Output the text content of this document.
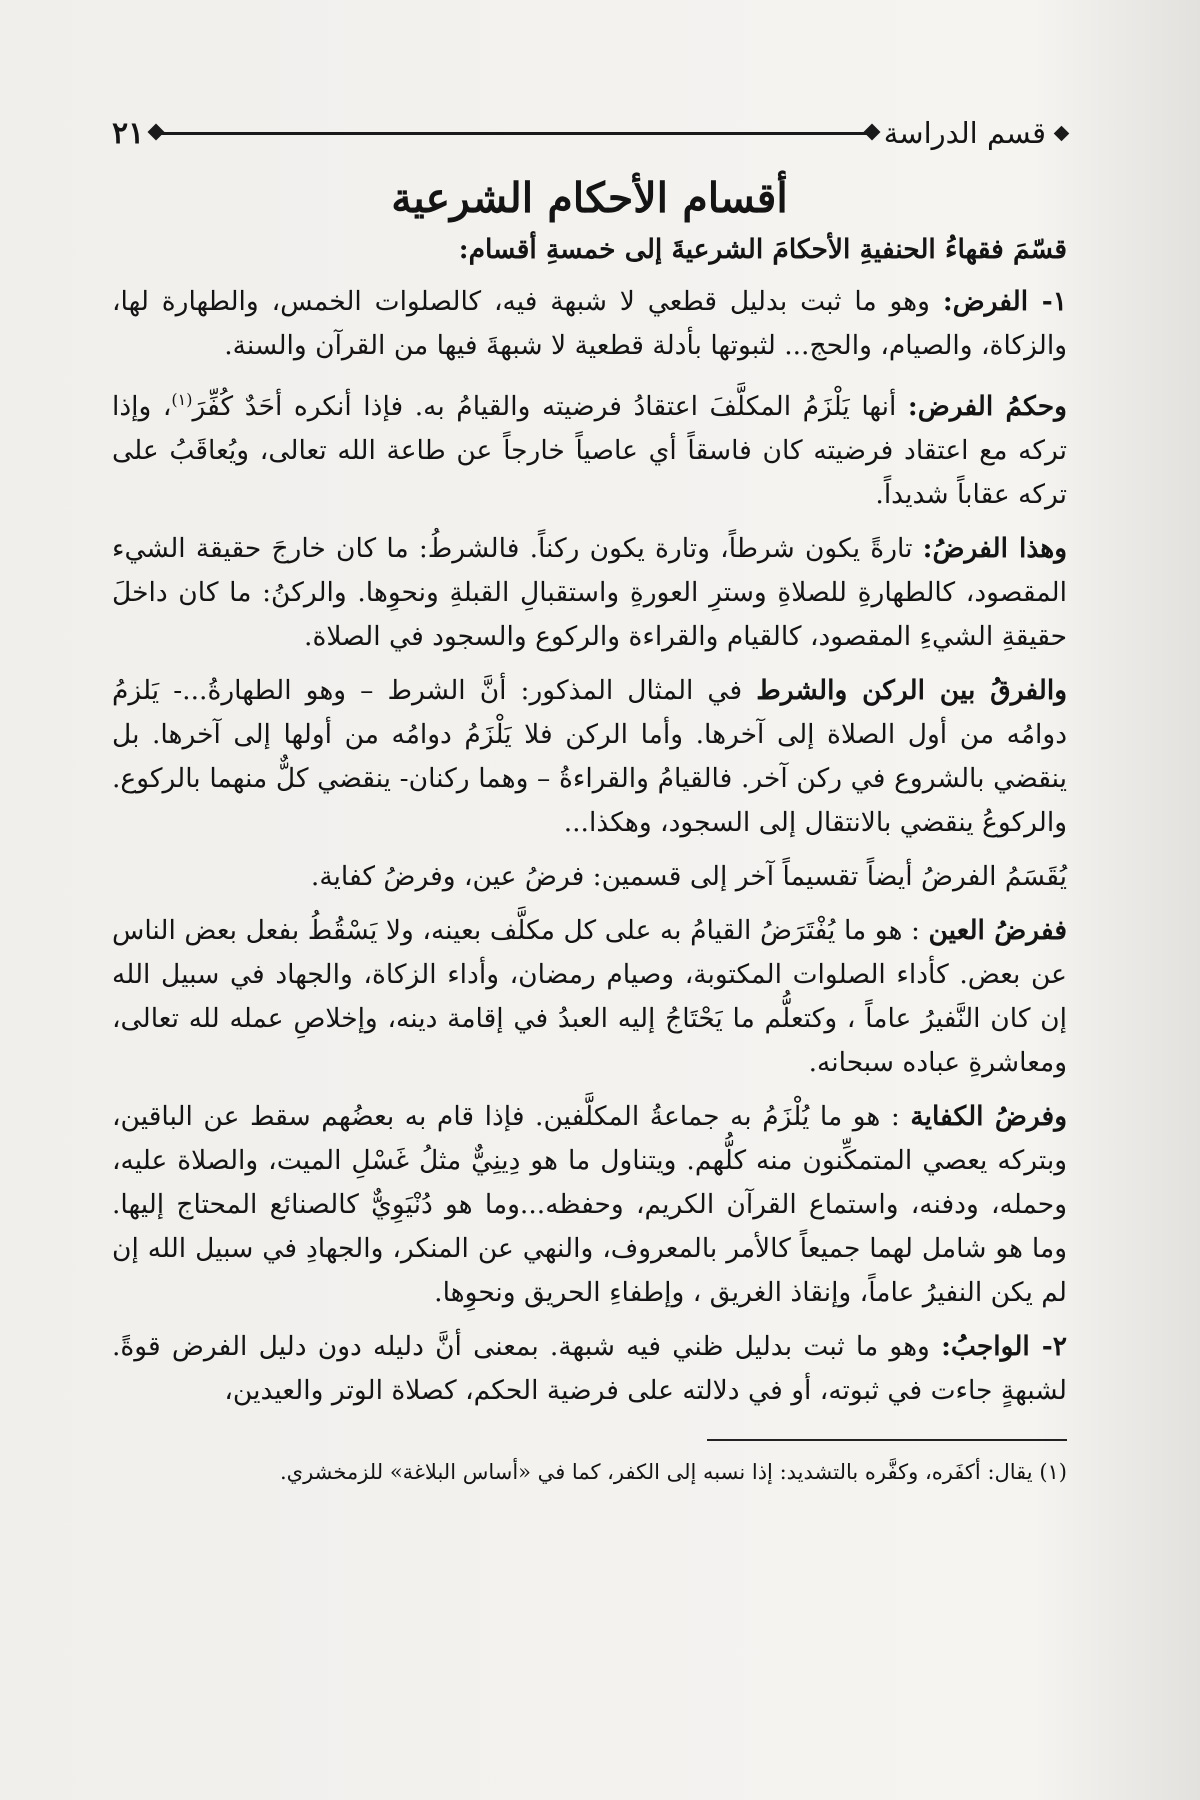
قسم الدراسة
٢١
أقسام الأحكام الشرعية

قسّمَ فقهاءُ الحنفيةِ الأحكامَ الشرعيةَ إلى خمسةِ أقسام:

١- الفرض: وهو ما ثبت بدليل قطعي لا شبهة فيه، كالصلوات الخمس، والطهارة لها، والزكاة، والصيام، والحج... لثبوتها بأدلة قطعية لا شبهةَ فيها من القرآن والسنة.

وحكمُ الفرض: أنها يَلْزَمُ المكلَّفَ اعتقادُ فرضيته والقيامُ به. فإذا أنكره أحَدٌ كُفِّرَ$^{(١)}$، وإذا تركه مع اعتقاد فرضيته كان فاسقاً أي عاصياً خارجاً عن طاعة الله تعالى، ويُعاقَبُ على تركه عقاباً شديداً.

وهذا الفرضُ: تارةً يكون شرطاً، وتارة يكون ركناً. فالشرطُ: ما كان خارجَ حقيقة الشيء المقصود، كالطهارةِ للصلاةِ وسترِ العورةِ واستقبالِ القبلةِ ونحوِها. والركنُ: ما كان داخلَ حقيقةِ الشيءِ المقصود، كالقيام والقراءة والركوع والسجود في الصلاة.

والفرقُ بين الركن والشرط في المثال المذكور: أنَّ الشرط – وهو الطهارةُ...- يَلزمُ دوامُه من أول الصلاة إلى آخرها. وأما الركن فلا يَلْزَمُ دوامُه من أولها إلى آخرها. بل ينقضي بالشروع في ركن آخر. فالقيامُ والقراءةُ – وهما ركنان- ينقضي كلٌّ منهما بالركوع. والركوعُ ينقضي بالانتقال إلى السجود، وهكذا...

يُقَسَمُ الفرضُ أيضاً تقسيماً آخر إلى قسمين: فرضُ عين، وفرضُ كفاية.

ففرضُ العين : هو ما يُفْتَرَضُ القيامُ به على كل مكلَّف بعينه، ولا يَسْقُطُ بفعل بعض الناس عن بعض. كأداء الصلوات المكتوبة، وصيام رمضان، وأداء الزكاة، والجهاد في سبيل الله إن كان النَّفيرُ عاماً ، وكتعلُّم ما يَحْتَاجُ إليه العبدُ في إقامة دينه، وإخلاصِ عمله لله تعالى، ومعاشرةِ عباده سبحانه.

وفرضُ الكفاية : هو ما يُلْزَمُ به جماعةُ المكلَّفين. فإذا قام به بعضُهم سقط عن الباقين، وبتركه يعصي المتمكِّنون منه كلُّهم. ويتناول ما هو دِينِيٌّ مثلُ غَسْلِ الميت، والصلاة عليه، وحمله، ودفنه، واستماع القرآن الكريم، وحفظه...وما هو دُنْيَوِيٌّ كالصنائع المحتاج إليها. وما هو شامل لهما جميعاً كالأمر بالمعروف، والنهي عن المنكر، والجهادِ في سبيل الله إن لم يكن النفيرُ عاماً، وإنقاذ الغريق ، وإطفاءِ الحريق ونحوِها.

٢- الواجبُ: وهو ما ثبت بدليل ظني فيه شبهة. بمعنى أنَّ دليله دون دليل الفرض قوةً. لشبهةٍ جاءت في ثبوته، أو في دلالته على فرضية الحكم، كصلاة الوتر والعيدين،

(١) يقال: أكفَره، وكفَّره بالتشديد: إذا نسبه إلى الكفر، كما في «أساس البلاغة» للزمخشري.
